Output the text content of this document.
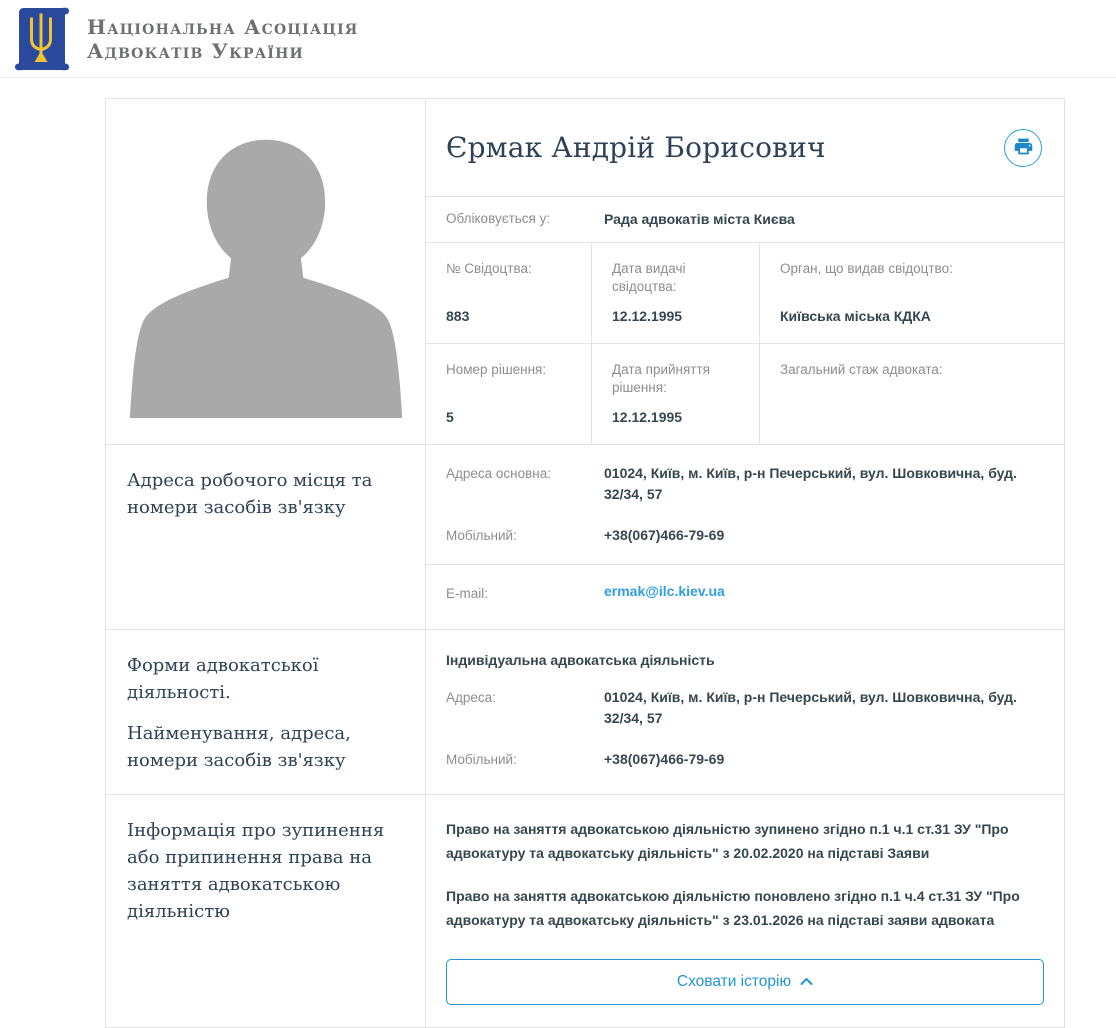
Національна Асоціація
Адвокатів України
Єрмак Андрій Борисович
Обліковується у:	Рада адвокатів міста Києва
№ Свідоцтва:
883
Дата видачі свідоцтва:
12.12.1995
Орган, що видав свідоцтво:
Київська міська КДКА
Номер рішення:
5
Дата прийняття рішення:
12.12.1995
Загальний стаж адвоката:
Адреса робочого місця та номери засобів зв'язку
Адреса основна:	01024, Київ, м. Київ, р-н Печерський, вул. Шовковична, буд. 32/34, 57
Мобільний:	+38(067)466-79-69
E-mail:	ermak@ilc.kiev.ua
Форми адвокатської діяльності.
Найменування, адреса, номери засобів зв'язку
Індивідуальна адвокатська діяльність
Адреса:	01024, Київ, м. Київ, р-н Печерський, вул. Шовковична, буд. 32/34, 57
Мобільний:	+38(067)466-79-69
Інформація про зупинення або припинення права на заняття адвокатською діяльністю

Право на заняття адвокатською діяльністю зупинено згідно п.1 ч.1 ст.31 ЗУ "Про адвокатуру та адвокатську діяльність" з 20.02.2020 на підставі Заяви

Право на заняття адвокатською діяльністю поновлено згідно п.1 ч.4 ст.31 ЗУ "Про адвокатуру та адвокатську діяльність" з 23.01.2026 на підставі заяви адвоката

Сховати історію
